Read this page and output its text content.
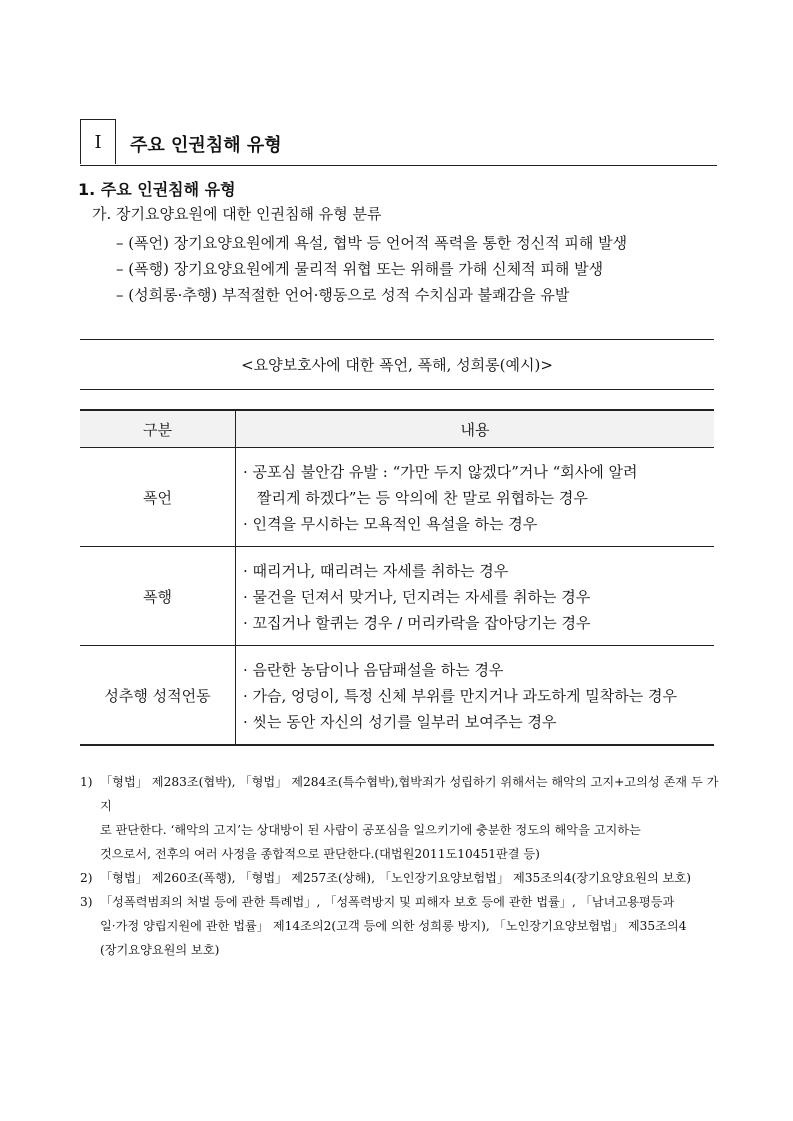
I	주요 인권침해 유형
1. 주요 인권침해 유형
가. 장기요양요원에 대한 인권침해 유형 분류
– (폭언) 장기요양요원에게 욕설, 협박 등 언어적 폭력을 통한 정신적 피해 발생
– (폭행) 장기요양요원에게 물리적 위협 또는 위해를 가해 신체적 피해 발생
– (성희롱·추행) 부적절한 언어·행동으로 성적 수치심과 불쾌감을 유발
<요양보호사에 대한 폭언, 폭해, 성희롱(예시)>
구분	내용
폭언	· 공포심 불안감 유발 : “가만 두지 않겠다”거나 “회사에 알려
짤리게 하겠다”는 등 악의에 찬 말로 위협하는 경우
· 인격을 무시하는 모욕적인 욕설을 하는 경우

폭행	· 때리거나, 때리려는 자세를 취하는 경우
· 물건을 던져서 맞거나, 던지려는 자세를 취하는 경우
· 꼬집거나 할퀴는 경우 / 머리카락을 잡아당기는 경우

성추행 성적언동	· 음란한 농담이나 음담패설을 하는 경우
· 가슴, 엉덩이, 특정 신체 부위를 만지거나 과도하게 밀착하는 경우
· 씻는 동안 자신의 성기를 일부러 보여주는 경우
1) 「형법」 제283조(협박), 「형법」 제284조(특수협박),협박죄가 성립하기 위해서는 해악의 고지+고의성 존재 두 가지
로 판단한다. ‘해악의 고지’는 상대방이 된 사람이 공포심을 일으키기에 충분한 정도의 해악을 고지하는
것으로서, 전후의 여러 사정을 종합적으로 판단한다.(대법원2011도10451판결 등)
2) 「형법」 제260조(폭행), 「형법」 제257조(상해), 「노인장기요양보험법」 제35조의4(장기요양요원의 보호)
3) 「성폭력범죄의 처벌 등에 관한 특례법」, 「성폭력방지 및 피해자 보호 등에 관한 법률」, 「남녀고용평등과
일·가정 양립지원에 관한 법률」 제14조의2(고객 등에 의한 성희롱 방지), 「노인장기요양보험법」 제35조의4
(장기요양요원의 보호)
